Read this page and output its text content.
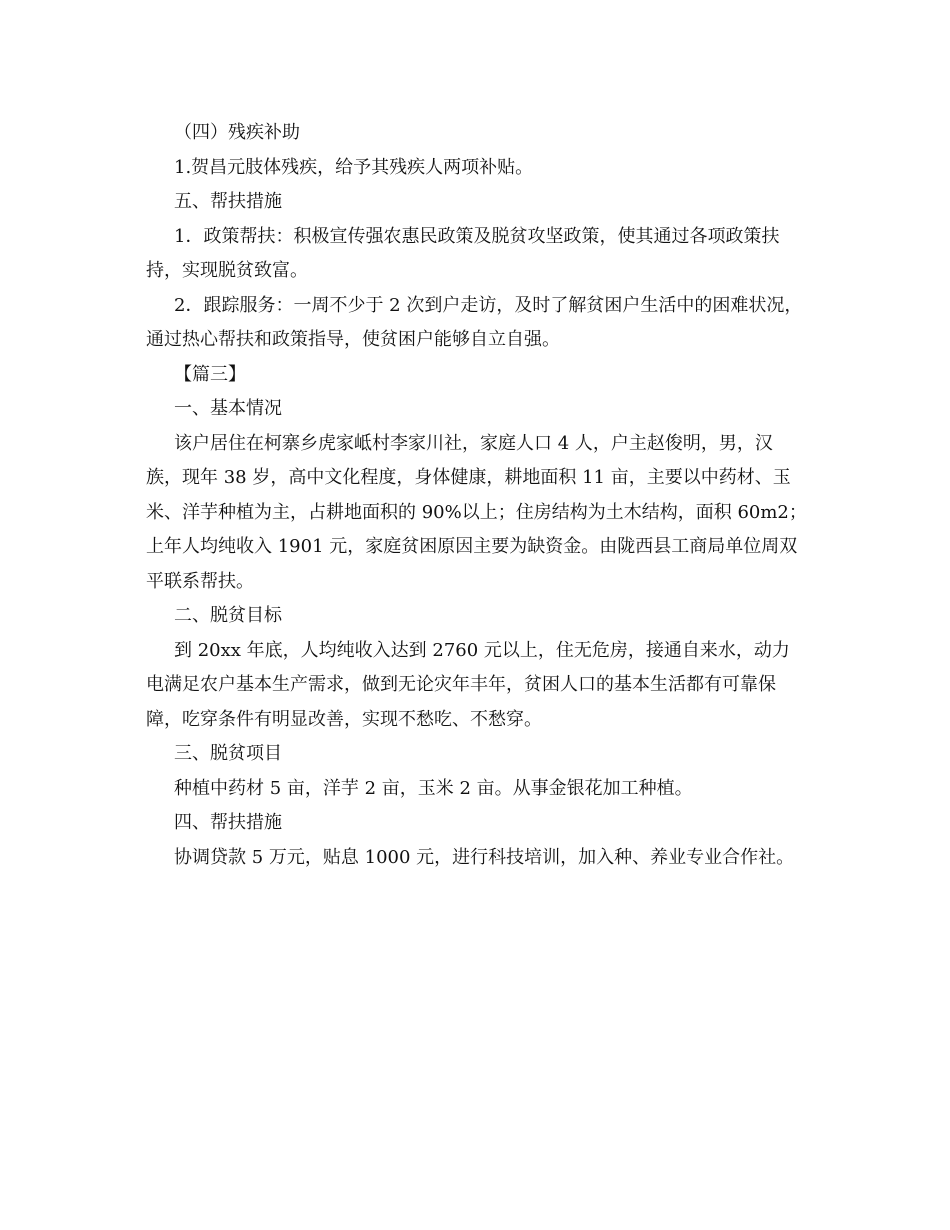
（四）残疾补助
1.贺昌元肢体残疾，给予其残疾人两项补贴。
五、帮扶措施
1．政策帮扶：积极宣传强农惠民政策及脱贫攻坚政策，使其通过各项政策扶
持，实现脱贫致富。
2．跟踪服务：一周不少于 2 次到户走访，及时了解贫困户生活中的困难状况，
通过热心帮扶和政策指导，使贫困户能够自立自强。
【篇三】
一、基本情况
该户居住在柯寨乡虎家岻村李家川社，家庭人口 4 人，户主赵俊明，男，汉
族，现年 38 岁，高中文化程度，身体健康，耕地面积 11 亩，主要以中药材、玉
米、洋芋种植为主，占耕地面积的 90%以上；住房结构为土木结构，面积 60m2；
上年人均纯收入 1901 元，家庭贫困原因主要为缺资金。由陇西县工商局单位周双
平联系帮扶。
二、脱贫目标
到 20xx 年底，人均纯收入达到 2760 元以上，住无危房，接通自来水，动力
电满足农户基本生产需求，做到无论灾年丰年，贫困人口的基本生活都有可靠保
障，吃穿条件有明显改善，实现不愁吃、不愁穿。
三、脱贫项目
种植中药材 5 亩，洋芋 2 亩，玉米 2 亩。从事金银花加工种植。
四、帮扶措施
协调贷款 5 万元，贴息 1000 元，进行科技培训，加入种、养业专业合作社。
